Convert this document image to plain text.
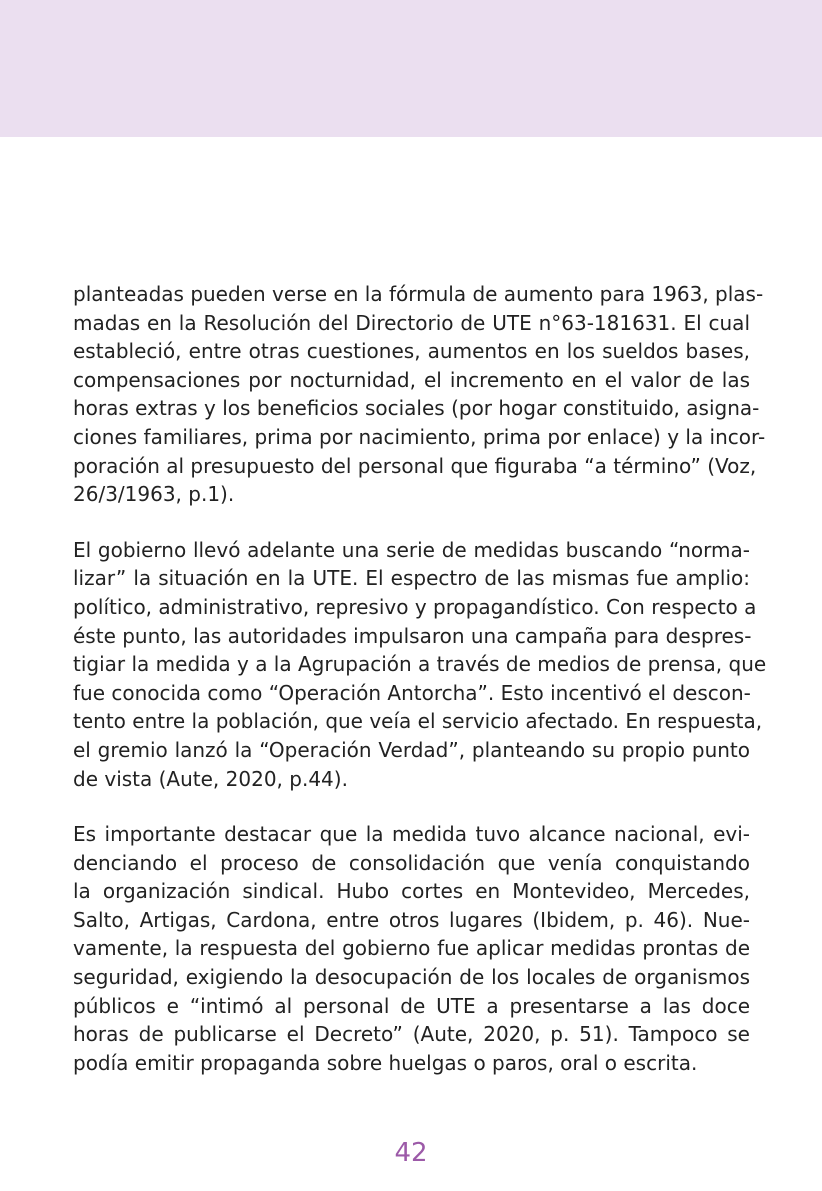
planteadas pueden verse en la fórmula de aumento para 1963, plas-
madas en la Resolución del Directorio de UTE n°63-181631. El cual
estableció, entre otras cuestiones, aumentos en los sueldos bases,
compensaciones por nocturnidad, el incremento en el valor de las
horas extras y los beneficios sociales (por hogar constituido, asigna-
ciones familiares, prima por nacimiento, prima por enlace) y la incor-
poración al presupuesto del personal que figuraba “a término” (Voz,
26/3/1963, p.1).

El gobierno llevó adelante una serie de medidas buscando “norma-
lizar” la situación en la UTE. El espectro de las mismas fue amplio:
político, administrativo, represivo y propagandístico. Con respecto a
éste punto, las autoridades impulsaron una campaña para despres-
tigiar la medida y a la Agrupación a través de medios de prensa, que
fue conocida como “Operación Antorcha”. Esto incentivó el descon-
tento entre la población, que veía el servicio afectado. En respuesta,
el gremio lanzó la “Operación Verdad”, planteando su propio punto
de vista (Aute, 2020, p.44).

Es importante destacar que la medida tuvo alcance nacional, evi-
denciando el proceso de consolidación que venía conquistando
la organización sindical. Hubo cortes en Montevideo, Mercedes,
Salto, Artigas, Cardona, entre otros lugares (Ibidem, p. 46). Nue-
vamente, la respuesta del gobierno fue aplicar medidas prontas de
seguridad, exigiendo la desocupación de los locales de organismos
públicos e “intimó al personal de UTE a presentarse a las doce
horas de publicarse el Decreto” (Aute, 2020, p. 51). Tampoco se
podía emitir propaganda sobre huelgas o paros, oral o escrita.

42
